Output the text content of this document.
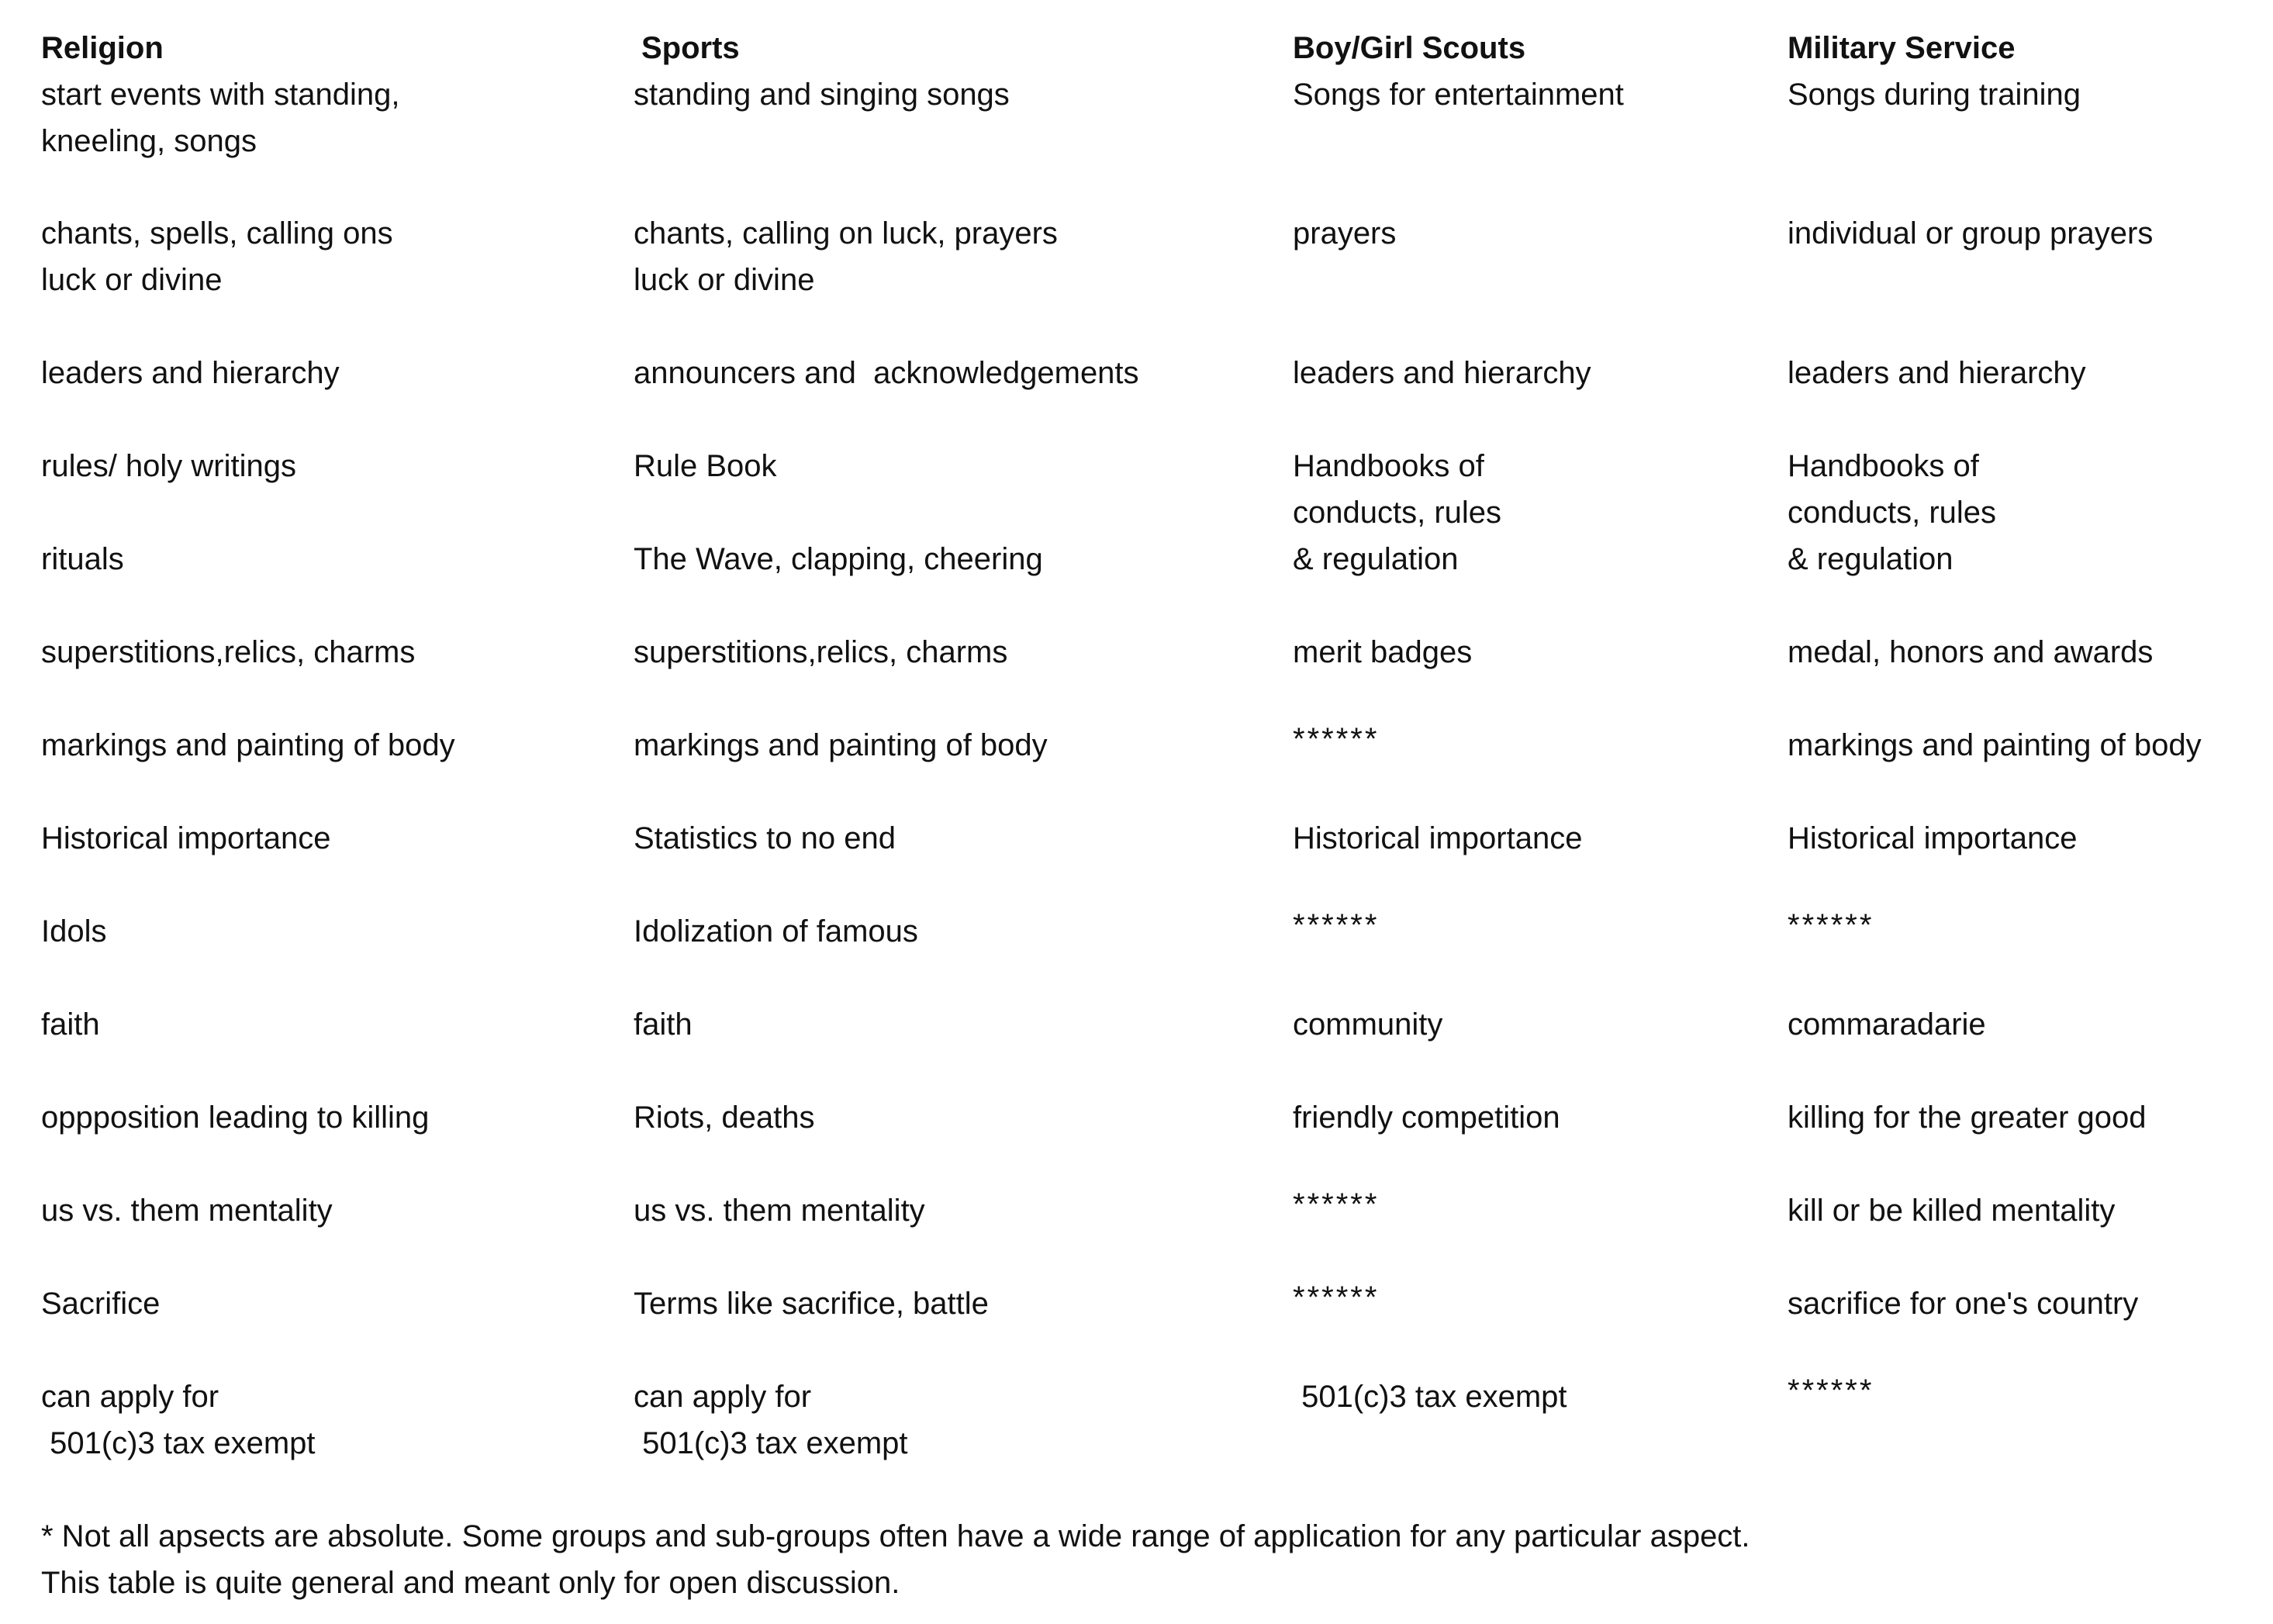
Religion
start events with standing,
kneeling, songs
chants, spells, calling ons
luck or divine
leaders and hierarchy
rules/ holy writings
rituals
superstitions,relics, charms
markings and painting of body
Historical importance
Idols
faith
oppposition leading to killing
us vs. them mentality
Sacrifice
can apply for
501(c)3 tax exempt
Sports
standing and singing songs
chants, calling on luck, prayers
luck or divine
announcers and  acknowledgements
Rule Book
The Wave, clapping, cheering
superstitions,relics, charms
markings and painting of body
Statistics to no end
Idolization of famous
faith
Riots, deaths
us vs. them mentality
Terms like sacrifice, battle
can apply for
501(c)3 tax exempt
Boy/Girl Scouts
Songs for entertainment
prayers
leaders and hierarchy
Handbooks of
conducts, rules
& regulation
merit badges
******
Historical importance
******
community
friendly competition
******
******
501(c)3 tax exempt
Military Service
Songs during training
individual or group prayers
leaders and hierarchy
Handbooks of
conducts, rules
& regulation
medal, honors and awards
markings and painting of body
Historical importance
******
commaradarie
killing for the greater good
kill or be killed mentality
sacrifice for one's country
******
* Not all apsects are absolute. Some groups and sub-groups often have a wide range of application for any particular aspect.
This table is quite general and meant only for open discussion.
